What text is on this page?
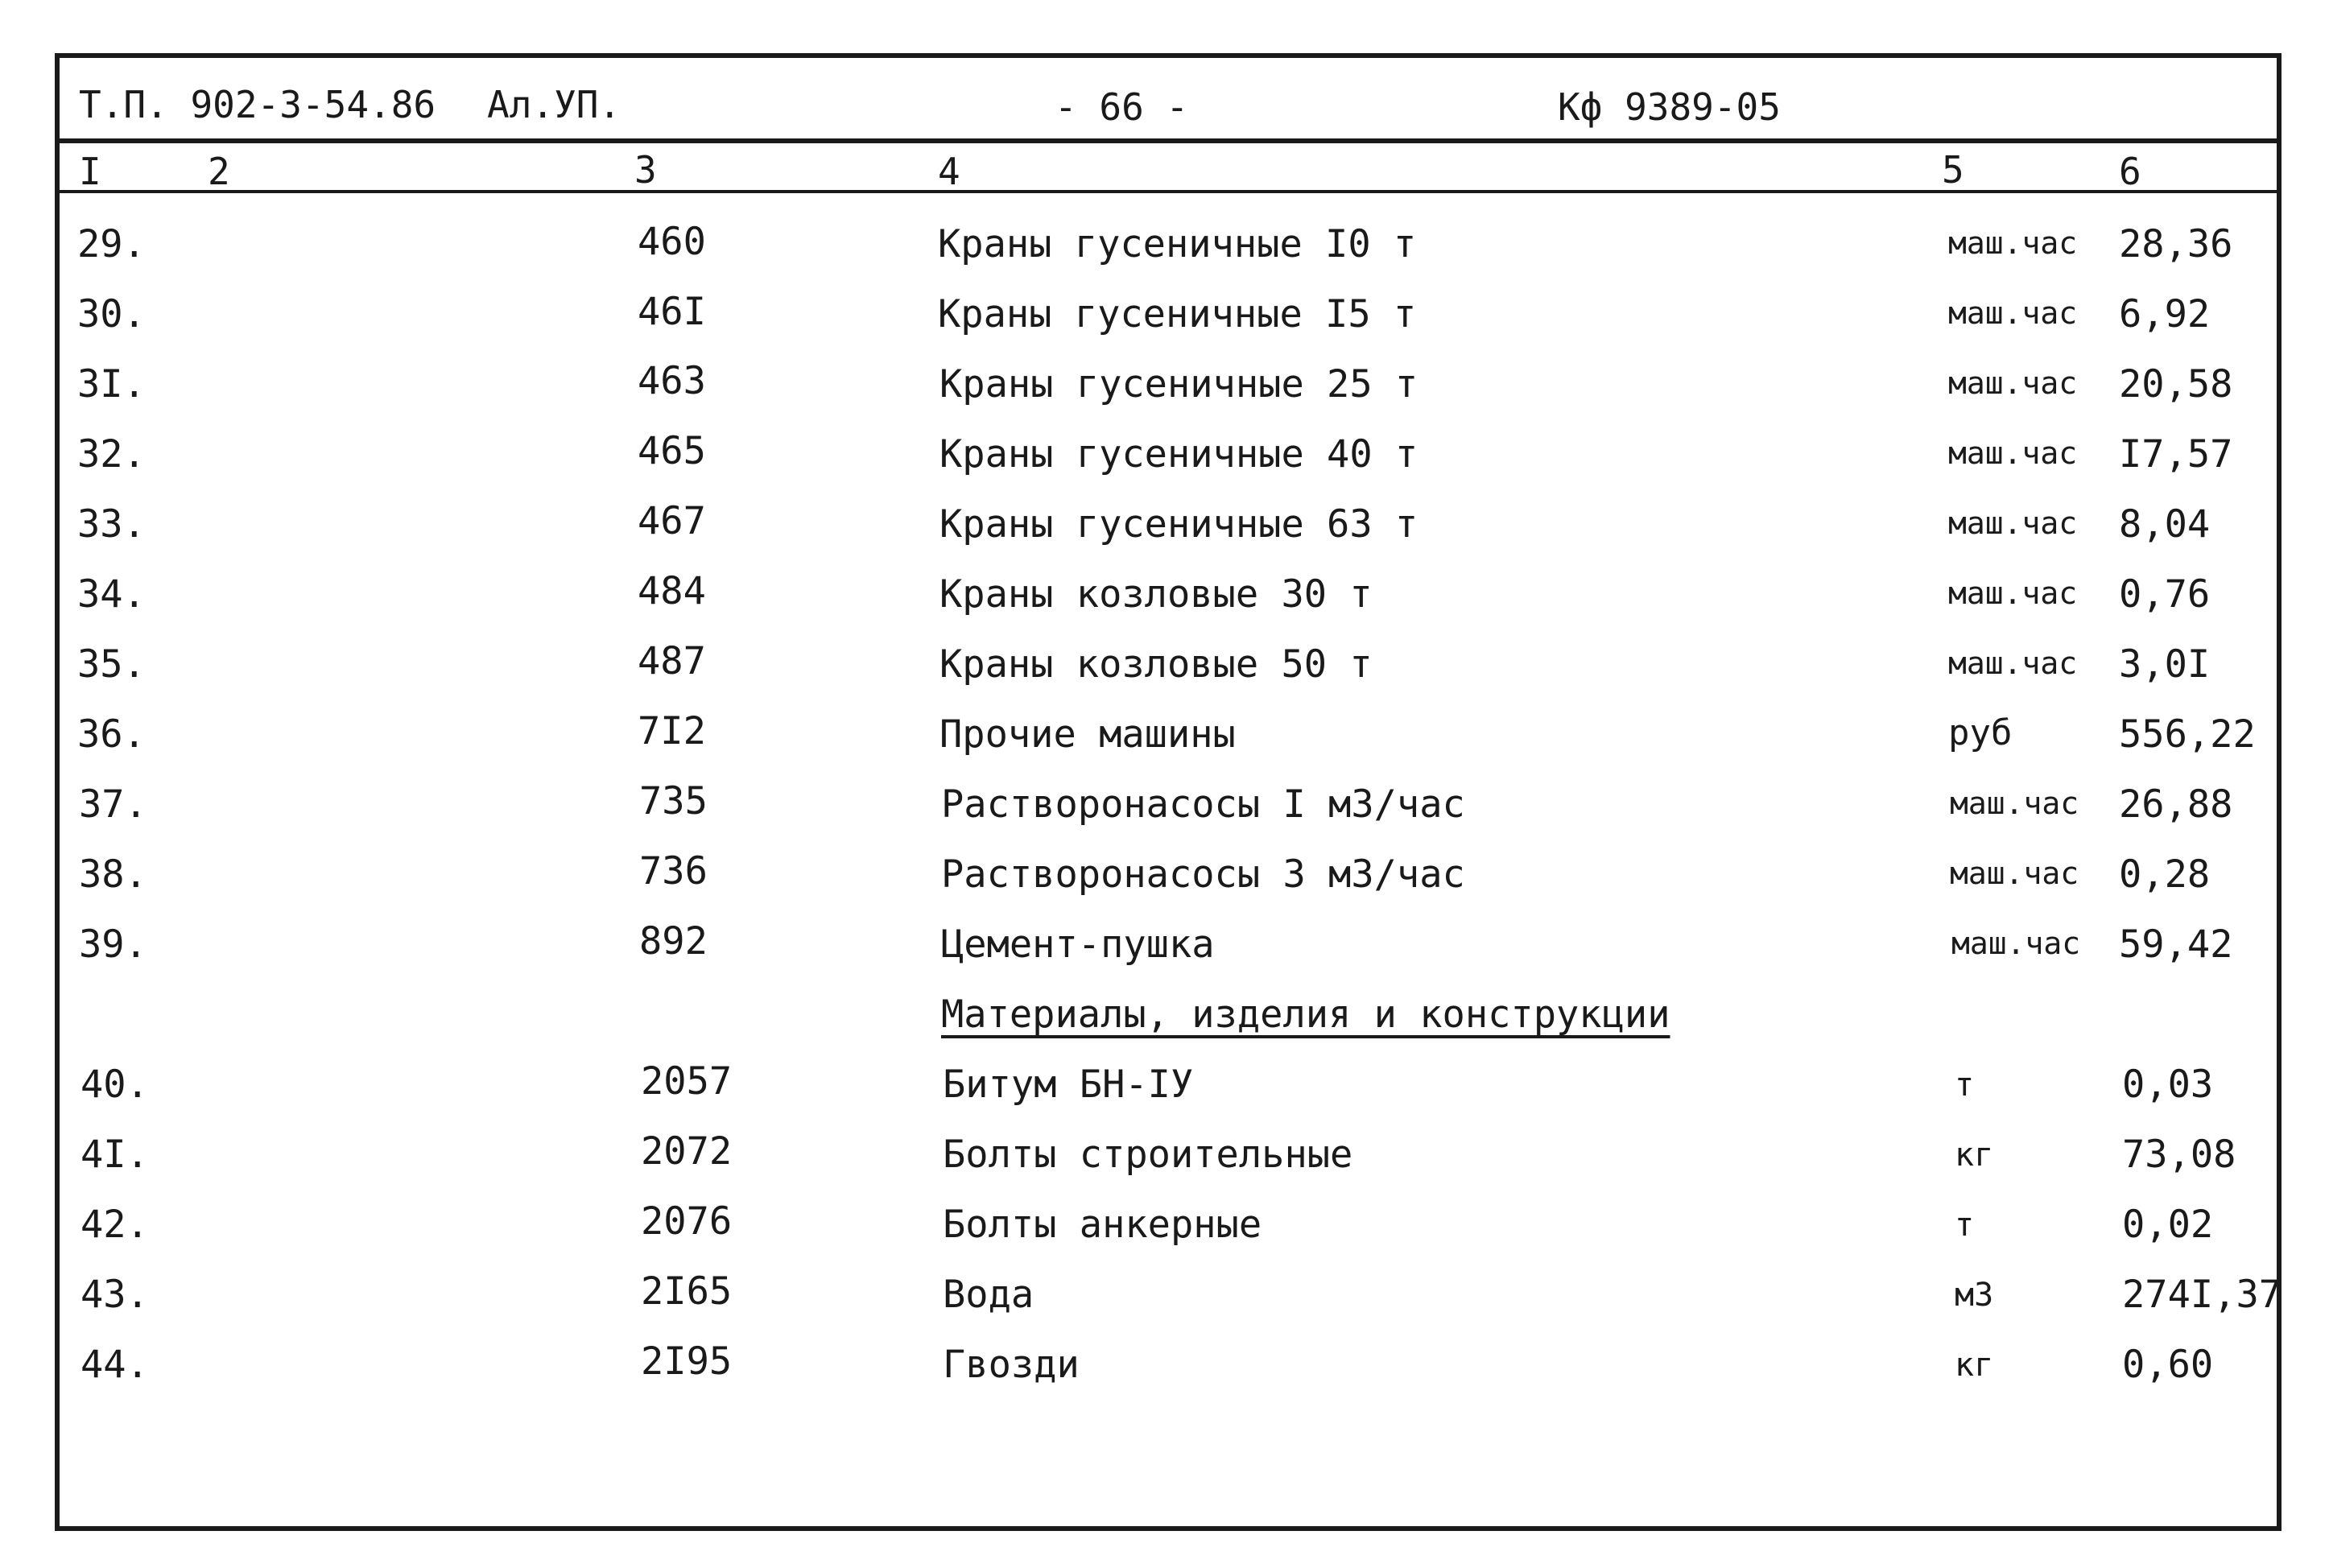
Т.П. 902-3-54.86 Ал.УП.	- 66 -	Кф 9389-05
I	2	3	4	5	6
29.	460	Краны гусеничные I0 т	маш.час 28,36
30.	46I	Краны гусеничные I5 т	маш.час 6,92
3I.	463	Краны гусеничные 25 т	маш.час 20,58
32.	465	Краны гусеничные 40 т	маш.час I7,57
33.	467	Краны гусеничные 63 т	маш.час 8,04
34.	484	Краны козловые 30 т	маш.час 0,76
35.	487	Краны козловые 50 т	маш.час 3,0I
36.	7I2	Прочие машины	руб	556,22
37.	735	Растворонасосы I м3/час	маш.час 26,88
38.	736	Растворонасосы 3 м3/час	маш.час 0,28
39.	892	Цемент-пушка	маш.час 59,42
Материалы, изделия и конструкции
40.	2057	Битум БН-IУ	т	0,03
4I.	2072	Болты строительные	кг	73,08
42.	2076	Болты анкерные	т	0,02
43.	2I65	Вода	м3	274I,37
44.	2I95	Гвозди	кг	0,60
